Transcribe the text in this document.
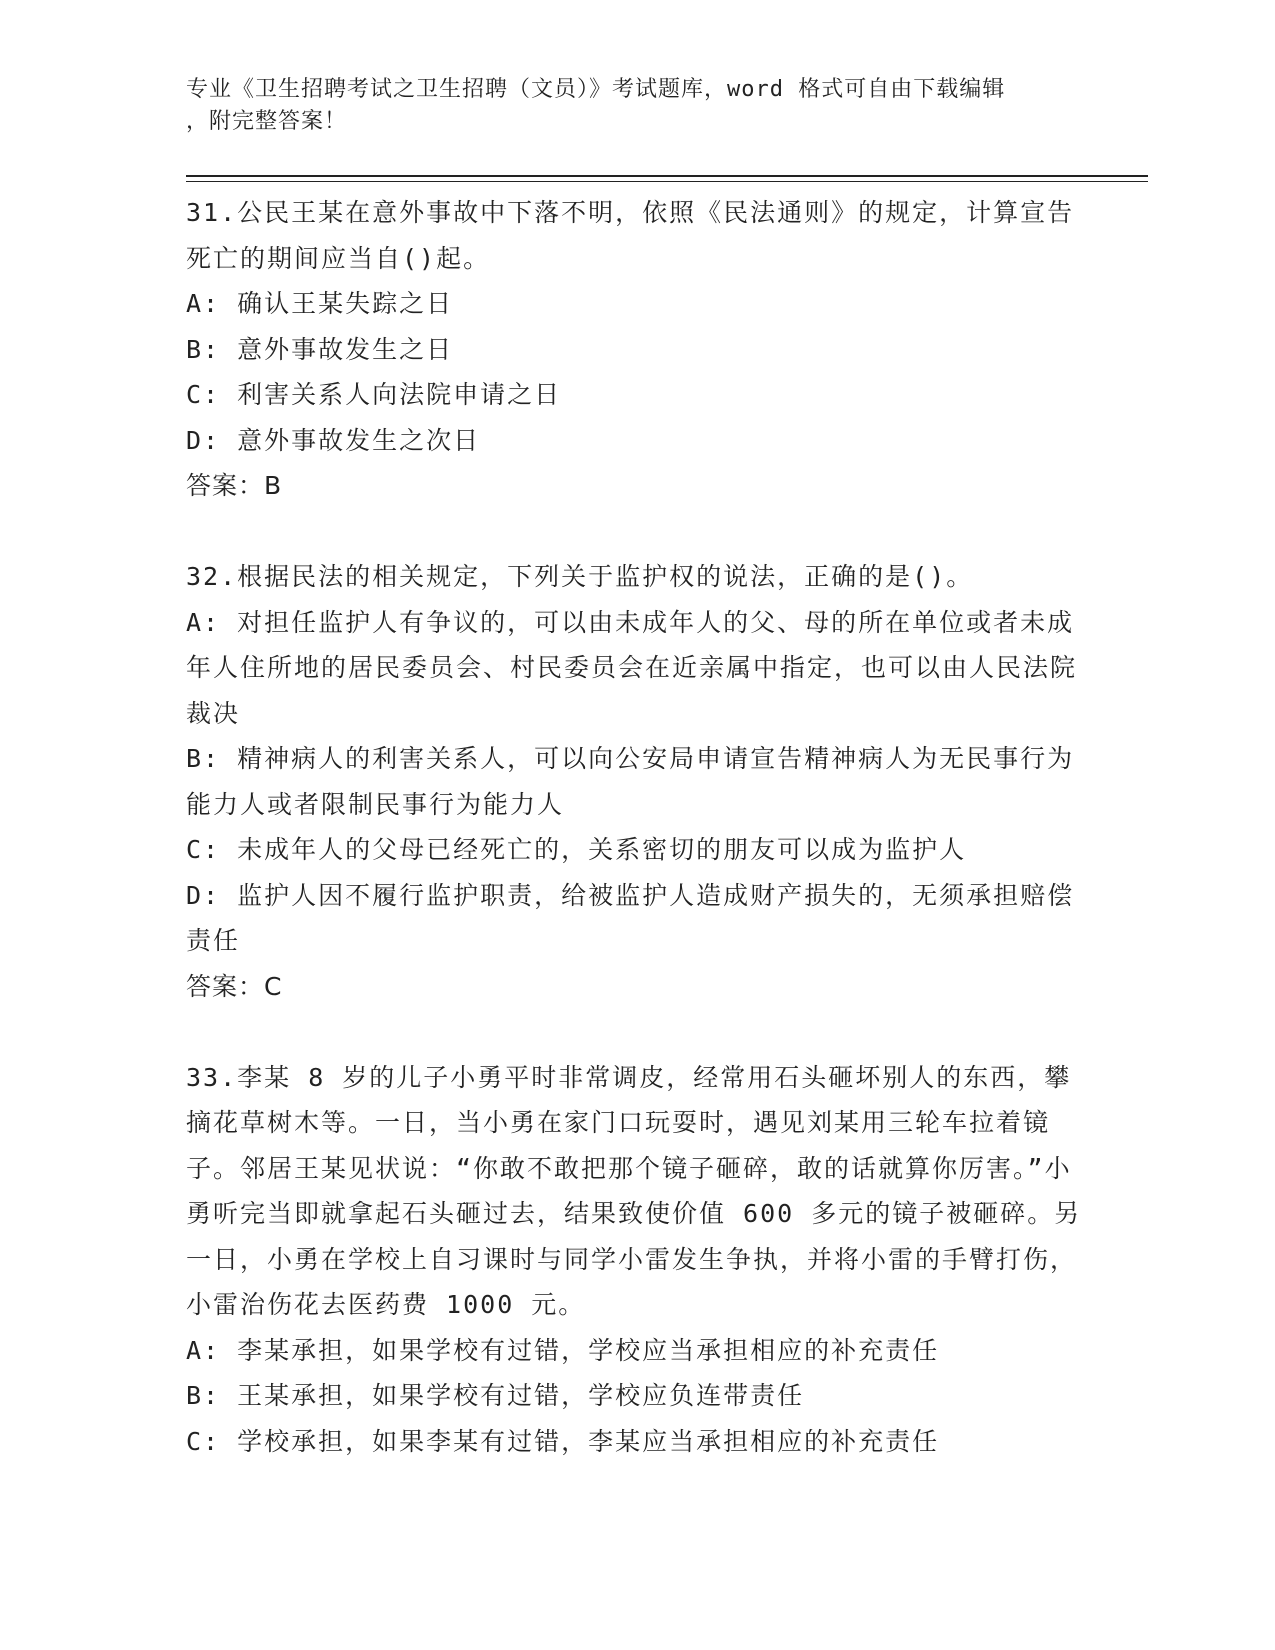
专业《卫生招聘考试之卫生招聘（文员）》考试题库，word 格式可自由下载编辑
，附完整答案！

31.公民王某在意外事故中下落不明，依照《民法通则》的规定，计算宣告死亡的期间应当自()起。

A: 确认王某失踪之日

B: 意外事故发生之日

C: 利害关系人向法院申请之日

D: 意外事故发生之次日

答案：B

32.根据民法的相关规定，下列关于监护权的说法，正确的是()。

A: 对担任监护人有争议的，可以由未成年人的父、母的所在单位或者未成年人住所地的居民委员会、村民委员会在近亲属中指定，也可以由人民法院裁决

B: 精神病人的利害关系人，可以向公安局申请宣告精神病人为无民事行为能力人或者限制民事行为能力人

C: 未成年人的父母已经死亡的，关系密切的朋友可以成为监护人

D: 监护人因不履行监护职责，给被监护人造成财产损失的，无须承担赔偿责任

答案：C

33.李某 8 岁的儿子小勇平时非常调皮，经常用石头砸坏别人的东西，攀摘花草树木等。一日，当小勇在家门口玩耍时，遇见刘某用三轮车拉着镜子。邻居王某见状说：“你敢不敢把那个镜子砸碎，敢的话就算你厉害。”小勇听完当即就拿起石头砸过去，结果致使价值 600 多元的镜子被砸碎。另一日，小勇在学校上自习课时与同学小雷发生争执，并将小雷的手臂打伤，小雷治伤花去医药费 1000 元。

A: 李某承担，如果学校有过错，学校应当承担相应的补充责任

B: 王某承担，如果学校有过错，学校应负连带责任

C: 学校承担，如果李某有过错，李某应当承担相应的补充责任
